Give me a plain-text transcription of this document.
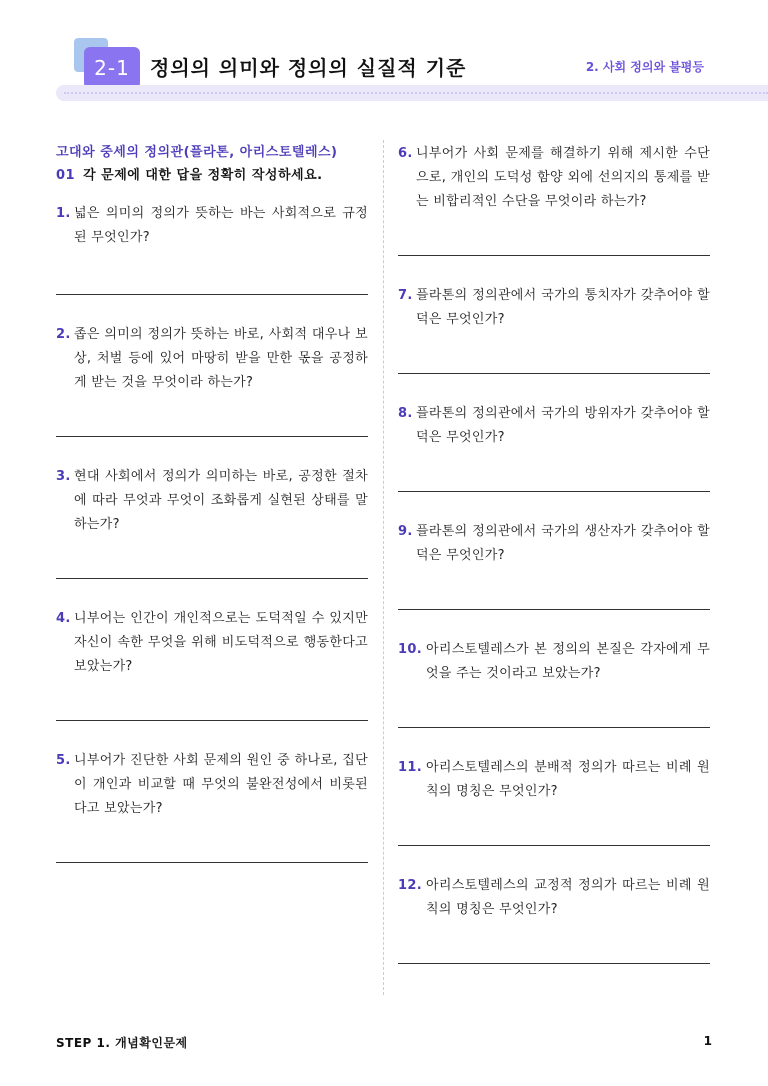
2-1	정의의 의미와 정의의 실질적 기준	2. 사회 정의와 불평등
고대와 중세의 정의관(플라톤, 아리스토텔레스)
01 각 문제에 대한 답을 정확히 작성하세요.
1. 넓은 의미의 정의가 뜻하는 바는 사회적으로 규정된 무엇인가?
2. 좁은 의미의 정의가 뜻하는 바로, 사회적 대우나 보상, 처벌 등에 있어 마땅히 받을 만한 몫을 공정하게 받는 것을 무엇이라 하는가?
3. 현대 사회에서 정의가 의미하는 바로, 공정한 절차에 따라 무엇과 무엇이 조화롭게 실현된 상태를 말하는가?
4. 니부어는 인간이 개인적으로는 도덕적일 수 있지만 자신이 속한 무엇을 위해 비도덕적으로 행동한다고 보았는가?
5. 니부어가 진단한 사회 문제의 원인 중 하나로, 집단이 개인과 비교할 때 무엇의 불완전성에서 비롯된다고 보았는가?
6. 니부어가 사회 문제를 해결하기 위해 제시한 수단으로, 개인의 도덕성 함양 외에 선의지의 통제를 받는 비합리적인 수단을 무엇이라 하는가?
7. 플라톤의 정의관에서 국가의 통치자가 갖추어야 할 덕은 무엇인가?
8. 플라톤의 정의관에서 국가의 방위자가 갖추어야 할 덕은 무엇인가?
9. 플라톤의 정의관에서 국가의 생산자가 갖추어야 할 덕은 무엇인가?
10. 아리스토텔레스가 본 정의의 본질은 각자에게 무엇을 주는 것이라고 보았는가?
11. 아리스토텔레스의 분배적 정의가 따르는 비례 원칙의 명칭은 무엇인가?
12. 아리스토텔레스의 교정적 정의가 따르는 비례 원칙의 명칭은 무엇인가?
STEP 1. 개념확인문제	1
